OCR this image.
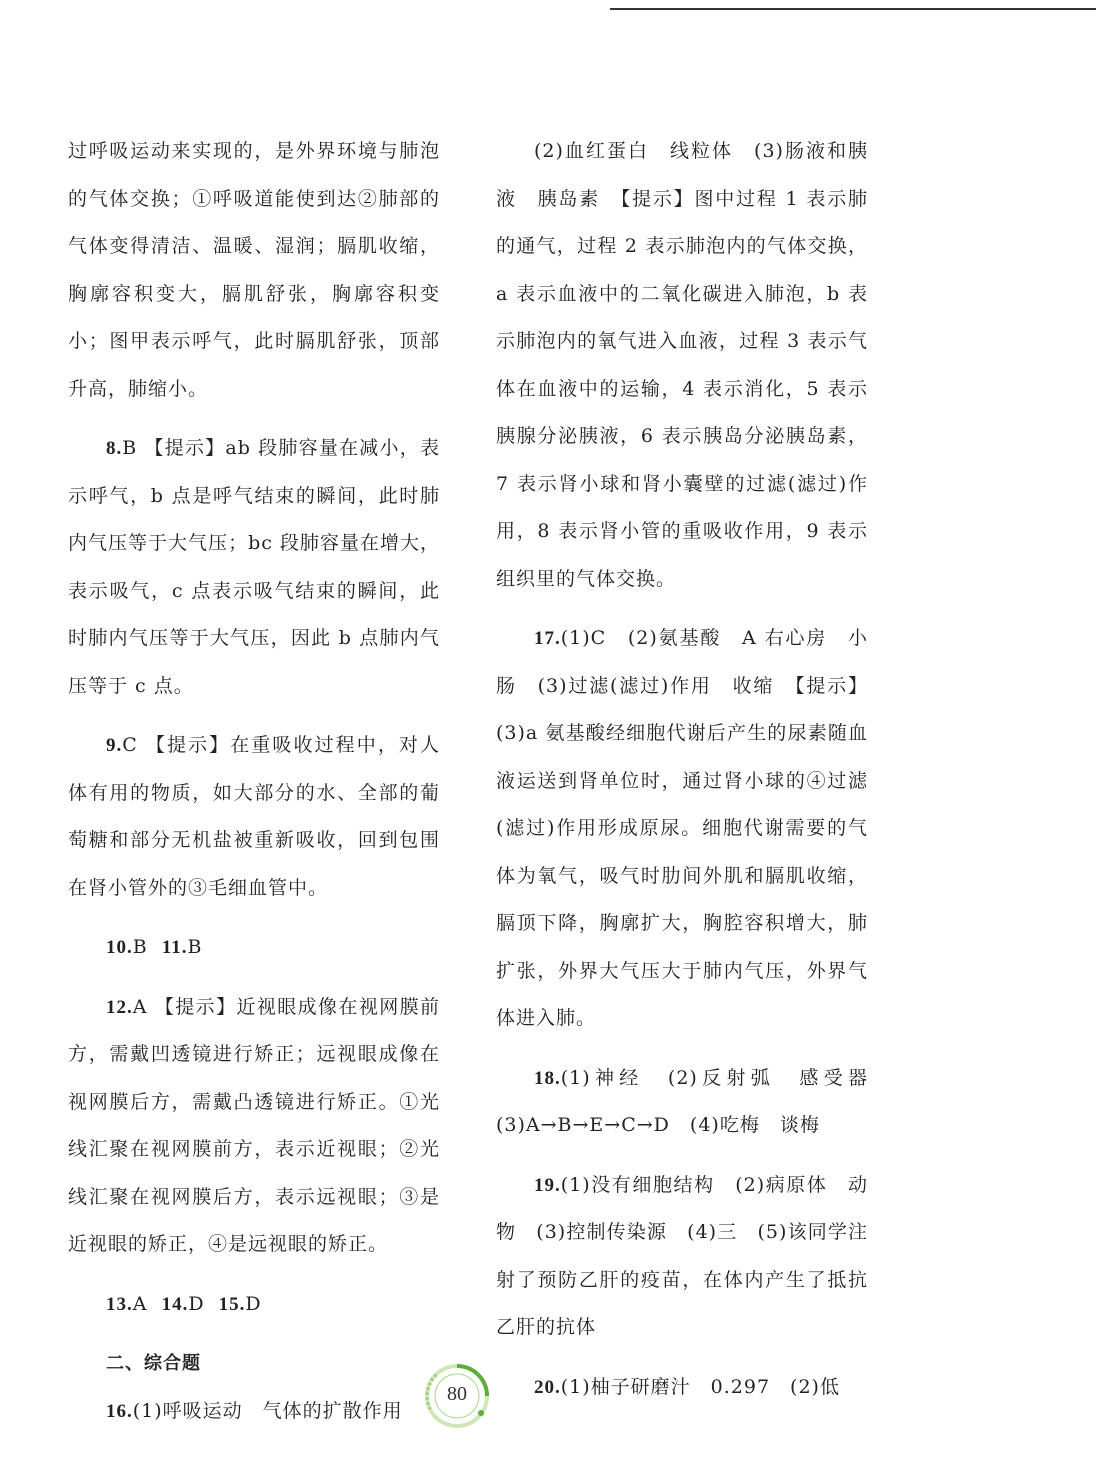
过呼吸运动来实现的，是外界环境与肺泡的气体交换；①呼吸道能使到达②肺部的气体变得清洁、温暖、湿润；膈肌收缩，胸廓容积变大，膈肌舒张，胸廓容积变小；图甲表示呼气，此时膈肌舒张，顶部升高，肺缩小。

8.B 【提示】ab 段肺容量在减小，表示呼气，b 点是呼气结束的瞬间，此时肺内气压等于大气压；bc 段肺容量在增大，表示吸气，c 点表示吸气结束的瞬间，此时肺内气压等于大气压，因此 b 点肺内气压等于 c 点。

9.C 【提示】在重吸收过程中，对人体有用的物质，如大部分的水、全部的葡萄糖和部分无机盐被重新吸收，回到包围在肾小管外的③毛细血管中。

10.B 11.B

12.A 【提示】近视眼成像在视网膜前方，需戴凹透镜进行矫正；远视眼成像在视网膜后方，需戴凸透镜进行矫正。①光线汇聚在视网膜前方，表示近视眼；②光线汇聚在视网膜后方，表示远视眼；③是近视眼的矫正，④是远视眼的矫正。

13.A 14.D 15.D

二、综合题

16.(1)呼吸运动　气体的扩散作用

(2)血红蛋白　线粒体　(3)肠液和胰液　胰岛素　【提示】图中过程 1 表示肺的通气，过程 2 表示肺泡内的气体交换，a 表示血液中的二氧化碳进入肺泡，b 表示肺泡内的氧气进入血液，过程 3 表示气体在血液中的运输，4 表示消化，5 表示胰腺分泌胰液，6 表示胰岛分泌胰岛素，7 表示肾小球和肾小囊壁的过滤(滤过)作用，8 表示肾小管的重吸收作用，9 表示组织里的气体交换。

17.(1)C　(2)氨基酸　A 右心房　小肠　(3)过滤(滤过)作用　收缩　【提示】(3)a 氨基酸经细胞代谢后产生的尿素随血液运送到肾单位时，通过肾小球的④过滤(滤过)作用形成原尿。细胞代谢需要的气体为氧气，吸气时肋间外肌和膈肌收缩，膈顶下降，胸廓扩大，胸腔容积增大，肺扩张，外界大气压大于肺内气压，外界气体进入肺。

18.(1)神经　(2)反射弧　感受器　(3)A→B→E→C→D　(4)吃梅　谈梅

19.(1)没有细胞结构　(2)病原体　动物　(3)控制传染源　(4)三　(5)该同学注射了预防乙肝的疫苗，在体内产生了抵抗乙肝的抗体

20.(1)柚子研磨汁　0.297　(2)低

80
